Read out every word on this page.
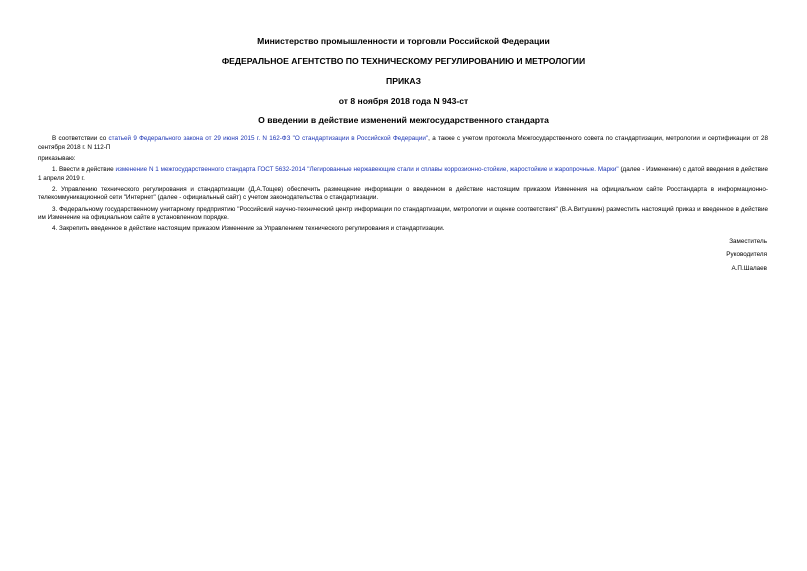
Министерство промышленности и торговли Российской Федерации
ФЕДЕРАЛЬНОЕ АГЕНТСТВО ПО ТЕХНИЧЕСКОМУ РЕГУЛИРОВАНИЮ И МЕТРОЛОГИИ
ПРИКАЗ
от 8 ноября 2018 года N 943-ст
О введении в действие изменений межгосударственного стандарта

В соответствии со статьей 9 Федерального закона от 29 июня 2015 г. N 162-ФЗ "О стандартизации в Российской Федерации", а также с учетом протокола Межгосударственного совета по стандартизации, метрологии и сертификации от 28 сентября 2018 г. N 112-П

приказываю:

1. Ввести в действие изменение N 1 межгосударственного стандарта ГОСТ 5632-2014 "Легированные нержавеющие стали и сплавы коррозионно-стойкие, жаростойкие и жаропрочные. Марки" (далее - Изменение) с датой введения в действие 1 апреля 2019 г.

2. Управлению технического регулирования и стандартизации (Д.А.Тощев) обеспечить размещение информации о введенном в действие настоящим приказом Изменения на официальном сайте Росстандарта в информационно-телекоммуникационной сети "Интернет" (далее - официальный сайт) с учетом законодательства о стандартизации.

3. Федеральному государственному унитарному предприятию "Российский научно-технический центр информации по стандартизации, метрологии и оценке соответствия" (В.А.Витушкин) разместить настоящий приказ и введенное в действие им Изменение на официальном сайте в установленном порядке.

4. Закрепить введенное в действие настоящим приказом Изменение за Управлением технического регулирования и стандартизации.

Заместитель
Руководителя
А.П.Шалаев
